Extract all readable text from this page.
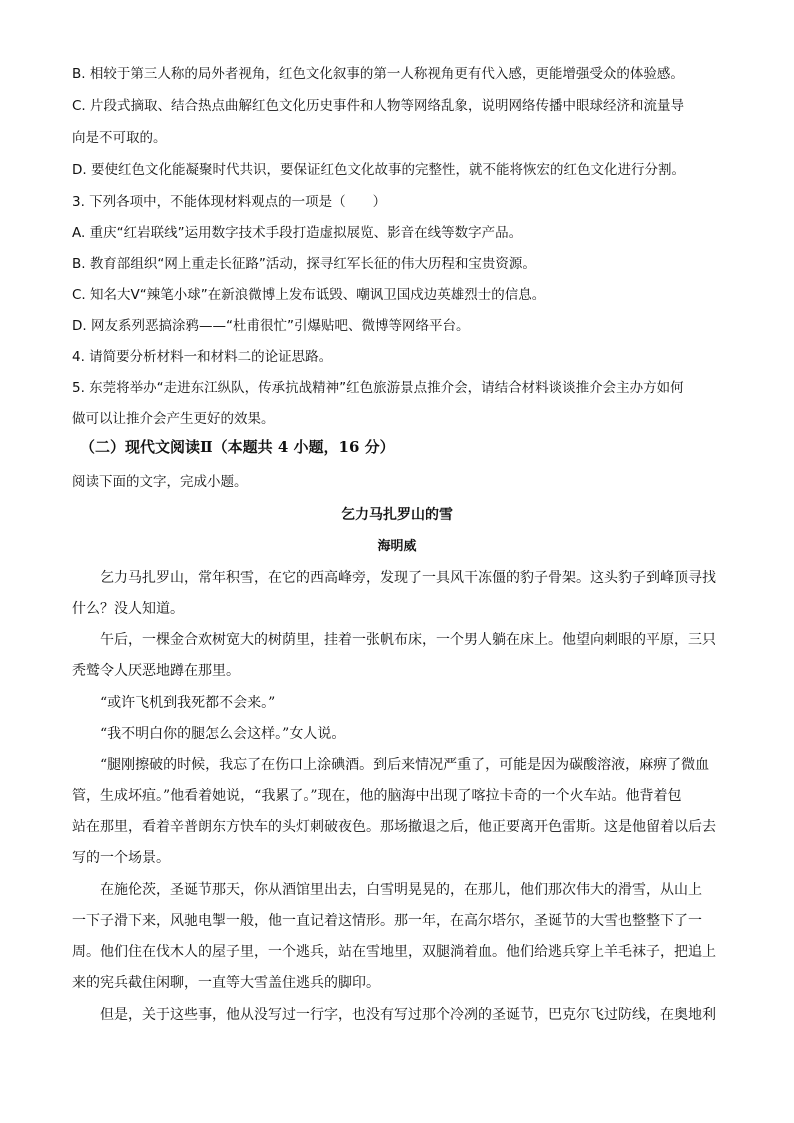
B. 相较于第三人称的局外者视角，红色文化叙事的第一人称视角更有代入感，更能增强受众的体验感。
C. 片段式摘取、结合热点曲解红色文化历史事件和人物等网络乱象，说明网络传播中眼球经济和流量导
向是不可取的。
D. 要使红色文化能凝聚时代共识，要保证红色文化故事的完整性，就不能将恢宏的红色文化进行分割。
3. 下列各项中，不能体现材料观点的一项是（　　）
A. 重庆“红岩联线”运用数字技术手段打造虚拟展览、影音在线等数字产品。
B. 教育部组织“网上重走长征路”活动，探寻红军长征的伟大历程和宝贵资源。
C. 知名大V“辣笔小球”在新浪微博上发布诋毁、嘲讽卫国戍边英雄烈士的信息。
D. 网友系列恶搞涂鸦——“杜甫很忙”引爆贴吧、微博等网络平台。
4. 请简要分析材料一和材料二的论证思路。
5. 东莞将举办“走进东江纵队，传承抗战精神”红色旅游景点推介会，请结合材料谈谈推介会主办方如何
做可以让推介会产生更好的效果。
（二）现代文阅读Ⅱ（本题共 4 小题，16 分）
阅读下面的文字，完成小题。
乞力马扎罗山的雪
海明威
乞力马扎罗山，常年积雪，在它的西高峰旁，发现了一具风干冻僵的豹子骨架。这头豹子到峰顶寻找
什么？没人知道。
午后，一棵金合欢树宽大的树荫里，挂着一张帆布床，一个男人躺在床上。他望向刺眼的平原，三只
秃鹫令人厌恶地蹲在那里。
“或许飞机到我死都不会来。”
“我不明白你的腿怎么会这样。”女人说。
“腿刚擦破的时候，我忘了在伤口上涂碘酒。到后来情况严重了，可能是因为碳酸溶液，麻痹了微血
管，生成坏疽。”他看着她说，“我累了。”现在，他的脑海中出现了喀拉卡奇的一个火车站。他背着包
站在那里，看着辛普朗东方快车的头灯刺破夜色。那场撤退之后，他正要离开色雷斯。这是他留着以后去
写的一个场景。
在施伦茨，圣诞节那天，你从酒馆里出去，白雪明晃晃的，在那儿，他们那次伟大的滑雪，从山上
一下子滑下来，风驰电掣一般，他一直记着这情形。那一年，在高尔塔尔，圣诞节的大雪也整整下了一
周。他们住在伐木人的屋子里，一个逃兵，站在雪地里，双腿淌着血。他们给逃兵穿上羊毛袜子，把追上
来的宪兵截住闲聊，一直等大雪盖住逃兵的脚印。
但是，关于这些事，他从没写过一行字，也没有写过那个冷冽的圣诞节，巴克尔飞过防线，在奥地利
